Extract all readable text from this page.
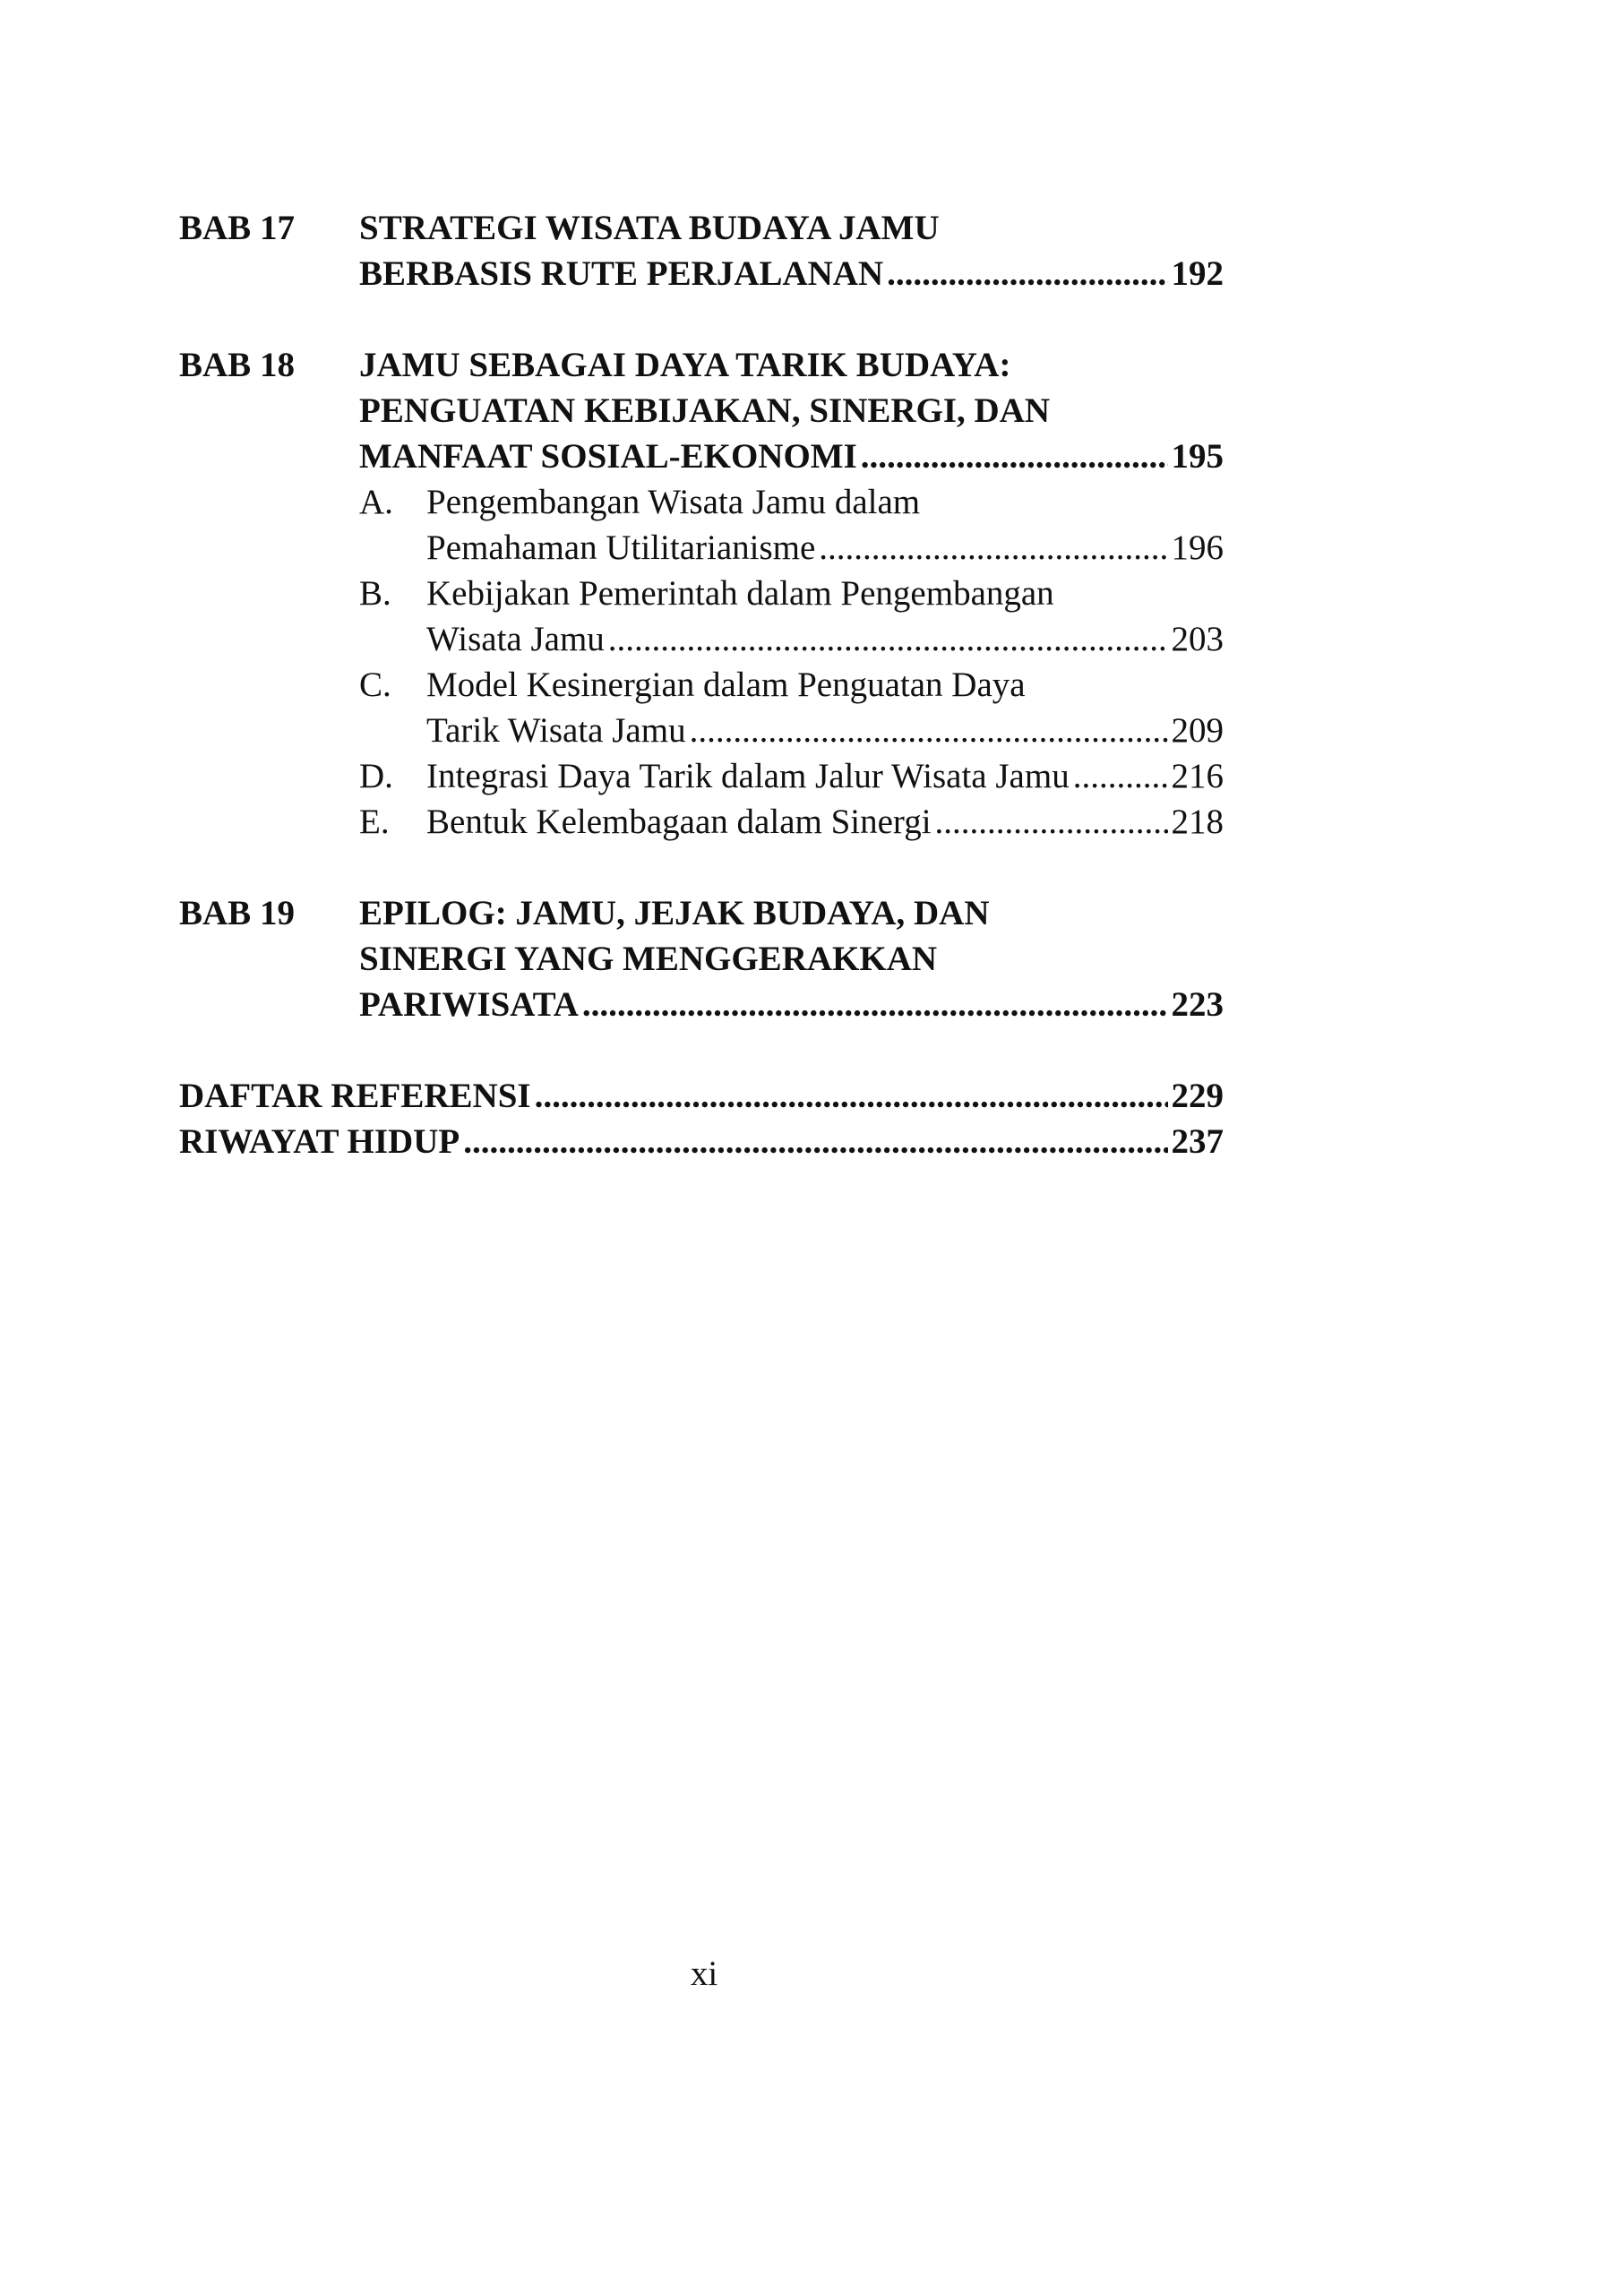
BAB 17 STRATEGI WISATA BUDAYA JAMU
BERBASIS RUTE PERJALANAN .....	192
BAB 18 JAMU SEBAGAI DAYA TARIK BUDAYA:
PENGUATAN KEBIJAKAN, SINERGI, DAN
MANFAAT SOSIAL-EKONOMI .....	195
A. Pengembangan Wisata Jamu dalam
Pemahaman Utilitarianisme .....	196
B.	Kebijakan Pemerintah dalam Pengembangan
Wisata Jamu .....	203
C.	Model Kesinergian dalam Penguatan Daya
Tarik Wisata Jamu .....	209
D. Integrasi Daya Tarik dalam Jalur Wisata Jamu .....	216
E.	Bentuk Kelembagaan dalam Sinergi .....	218
BAB 19 EPILOG: JAMU, JEJAK BUDAYA, DAN
SINERGI YANG MENGGERAKKAN
PARIWISATA .....	223
DAFTAR REFERENSI .....	229
RIWAYAT HIDUP .....	237
xi
